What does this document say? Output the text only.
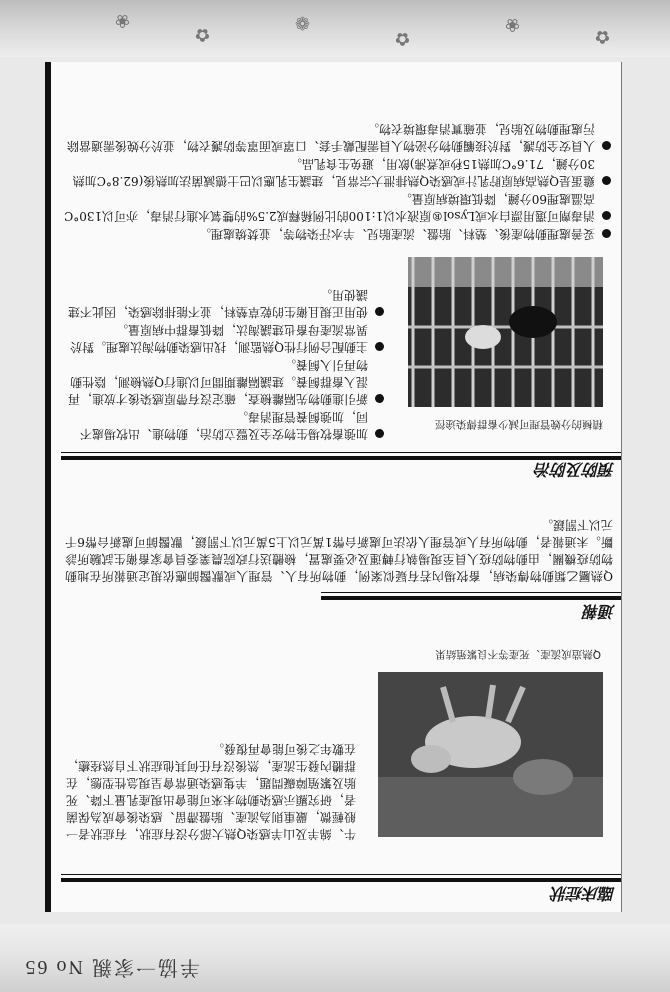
羊協一家親 No 65
✿
❀
✿
❁
✿
❀
臨床症狀
Q熱造成流產、死產等不良繁殖結果
牛、綿羊及山羊感染Q熱大部分沒有症狀，有症狀者一般輕微，嚴重則為流產、胎盤滯留、感染後會成為保菌者，研究顯示感染動物未來可能會出現產乳量下降、死胎及繁殖障礙問題，羊隻感染通常會呈現急性型態，在群體內發生流產，然後沒有任何其他症狀下自然痊癒，在數年之後可能會再復發。
通報
Q熱屬乙類動物傳染病，畜牧場內若有疑似案例，動物所有人、管理人或獸醫師應依規定通報所在地動物防疫機關，由動物防疫人員至現場執行轉運及必要處置，檢體送行政院農業委員會家畜衛生試驗所診斷。未通報者，動物所有人或管理人依法可處新台幣1萬元以上5萬元以下罰鍰，獸醫師可處新台幣6千元以下罰鍰。
預防及防治
積極的分娩管理可減少畜群傳染途徑
加強畜牧場生物安全及豎立防治，動物進、出牧場處不同，加強飼養管理消毒。
新引進動物先隔離檢查，確定沒有帶原感染後才放進，再混入畜群飼養。建議隔離期間可以進行Q熱檢測，陰性動物再引入飼養。
主動配合例行性Q熱監測，找出感染動物淘汰處理。對於異常流產母畜也建議淘汰，降低畜群中病原量。
使用正規且衛生的乾草墊料，並不能排除感染，因此不建議使用。
妥善處理動物產後、墊料、胎盤、流產胎兒、羊水汙染物等，並焚燒處理。
消毒劑可選用漂白水或Lysol®原液水以1:100的比例稀釋成2.5%的雙氧水進行消毒，亦可以130°C高溫處理60分鐘，降低環境病原量。
雞蛋是Q熱高病原貯乳汁或感染Q熱排泄大宗常見，建議生乳應以巴士德滅菌法加熱後(62.8°C加熱30分鐘，71.6°C加熱15秒或煮沸)飲用，避免生食乳品。
人員安全防護，對於接觸動物分泌物人員需配戴手套、口罩或面罩等防護衣物，並於分娩後需適當除污處理動物及胎兒，並確實消毒環境衣物。
